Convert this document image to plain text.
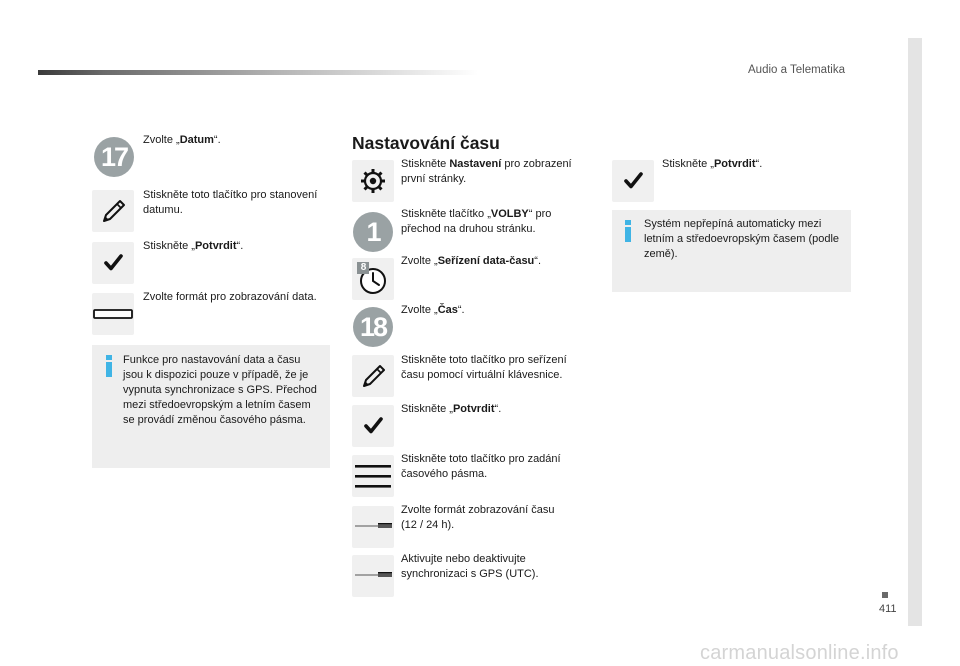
Audio a Telematika
411
carmanualsonline.info
17
Zvolte „Datum“.
Stiskněte toto tlačítko pro stanovení datumu.
Stiskněte „Potvrdit“.
Zvolte formát pro zobrazování data.
Funkce pro nastavování data a času jsou k dispozici pouze v případě, že je vypnuta synchronizace s GPS. Přechod mezi středoevropským a letním časem se provádí změnou časového pásma.
Nastavování času
Stiskněte Nastavení pro zobrazení první stránky.
1
Stiskněte tlačítko „VOLBY“ pro přechod na druhou stránku.
8
Zvolte „Seřízení data-času“.
18
Zvolte „Čas“.
Stiskněte toto tlačítko pro seřízení času pomocí virtuální klávesnice.
Stiskněte „Potvrdit“.
Stiskněte toto tlačítko pro zadání časového pásma.
Zvolte formát zobrazování času (12 / 24 h).
Aktivujte nebo deaktivujte synchronizaci s GPS (UTC).
Stiskněte „Potvrdit“.
Systém nepřepíná automaticky mezi letním a středoevropským časem (podle země).
